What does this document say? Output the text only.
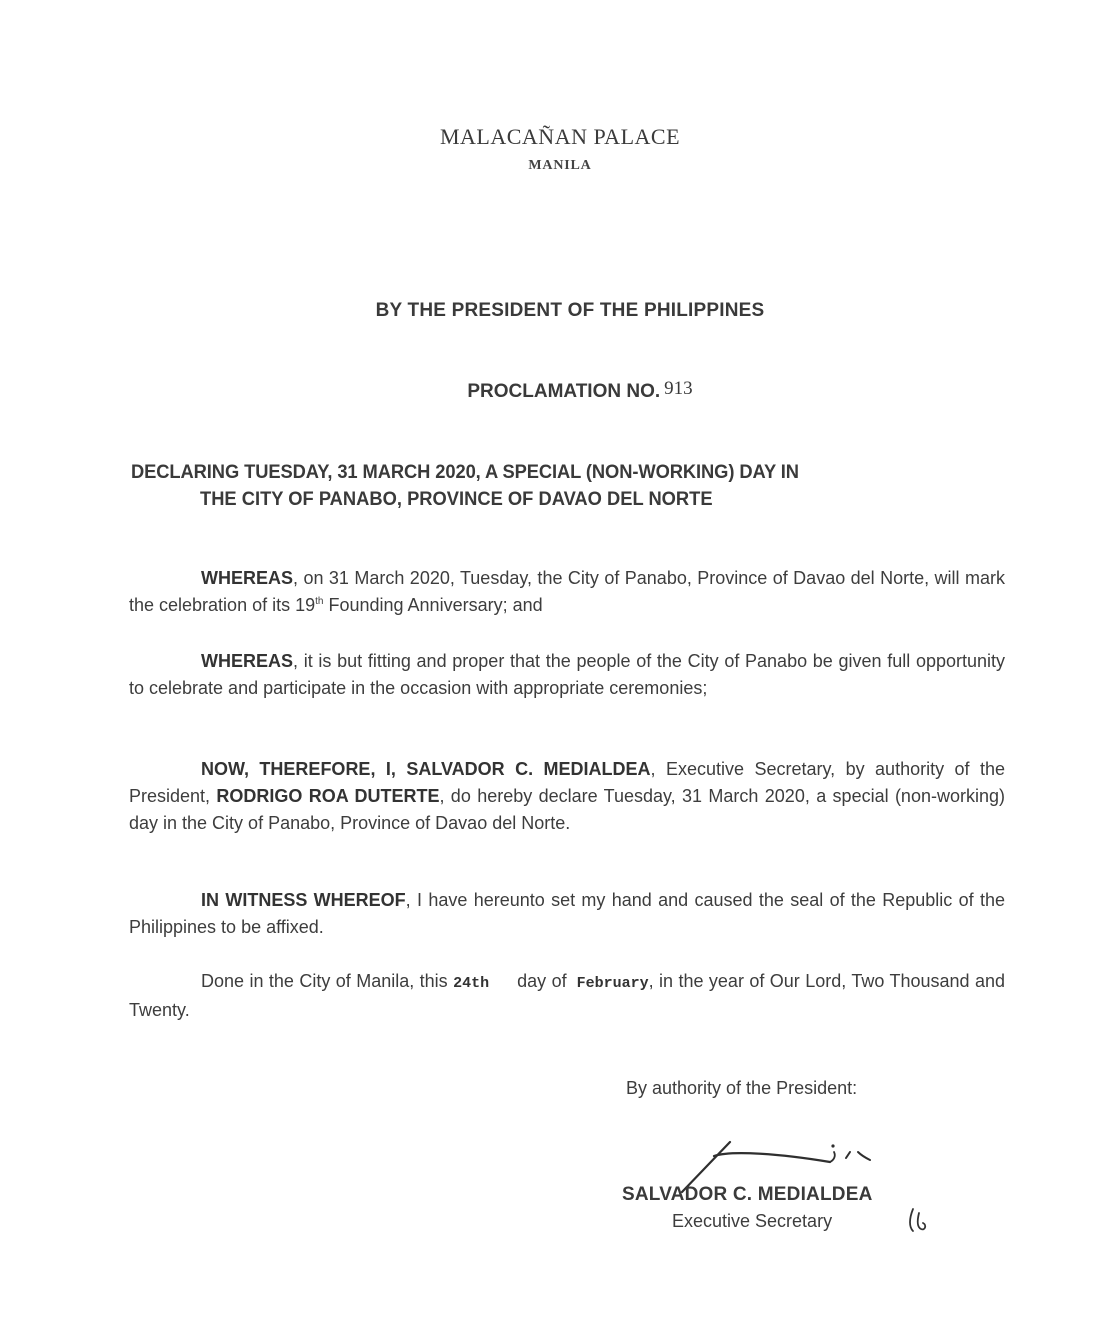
MALACAÑAN PALACE
MANILA
BY THE PRESIDENT OF THE PHILIPPINES
PROCLAMATION NO. 913
DECLARING TUESDAY, 31 MARCH 2020, A SPECIAL (NON-WORKING) DAY IN
THE CITY OF PANABO, PROVINCE OF DAVAO DEL NORTE
WHEREAS, on 31 March 2020, Tuesday, the City of Panabo, Province of Davao del Norte, will mark the celebration of its 19th Founding Anniversary; and
WHEREAS, it is but fitting and proper that the people of the City of Panabo be given full opportunity to celebrate and participate in the occasion with appropriate ceremonies;
NOW, THEREFORE, I, SALVADOR C. MEDIALDEA, Executive Secretary, by authority of the President, RODRIGO ROA DUTERTE, do hereby declare Tuesday, 31 March 2020, a special (non-working) day in the City of Panabo, Province of Davao del Norte.
IN WITNESS WHEREOF, I have hereunto set my hand and caused the seal of the Republic of the Philippines to be affixed.
Done in the City of Manila, this 24th day of February, in the year of Our Lord, Two Thousand and Twenty.
By authority of the President:
SALVADOR C. MEDIALDEA
Executive Secretary
